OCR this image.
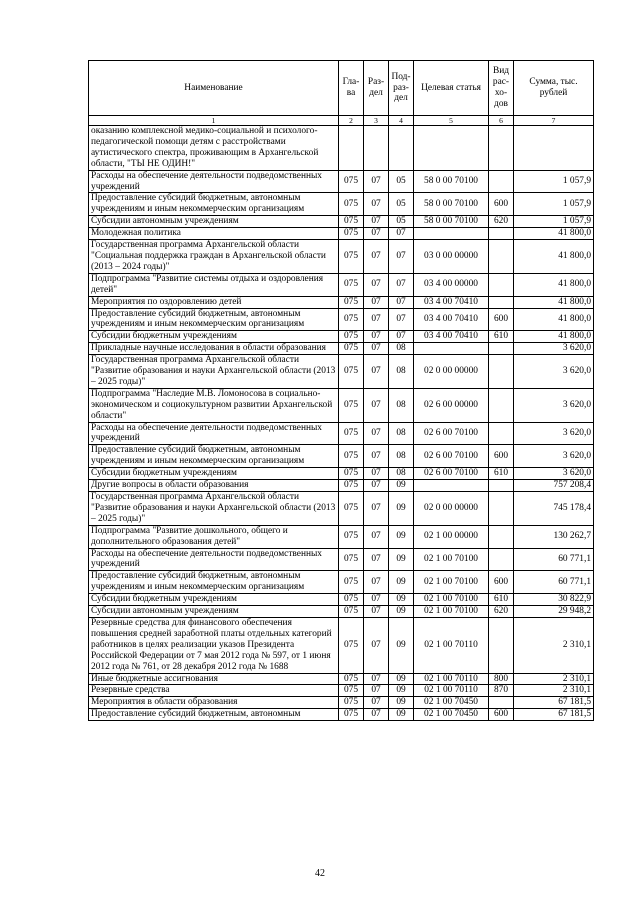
Наименование	Гла-ва	Раз-дел	Под-раз-дел	Целевая статья	Вид рас-хо-дов	Сумма, тыс. рублей
1	2	3	4	5	6	7
оказанию комплексной медико-социальной и психолого-педагогической помощи детям с расстройствами аутистического спектра, проживающим в Архангельской области, "ТЫ НЕ ОДИН!"						
Расходы на обеспечение деятельности подведомственных учреждений	075	07	05	58 0 00 70100		1 057,9
Предоставление субсидий бюджетным, автономным учреждениям и иным некоммерческим организациям	075	07	05	58 0 00 70100	600	1 057,9
Субсидии автономным учреждениям	075	07	05	58 0 00 70100	620	1 057,9
Молодежная политика	075	07	07			41 800,0
Государственная программа Архангельской области "Социальная поддержка граждан в Архангельской области (2013 – 2024 годы)"	075	07	07	03 0 00 00000		41 800,0
Подпрограмма "Развитие системы отдыха и оздоровления детей"	075	07	07	03 4 00 00000		41 800,0
Мероприятия по оздоровлению детей	075	07	07	03 4 00 70410		41 800,0
Предоставление субсидий бюджетным, автономным учреждениям и иным некоммерческим организациям	075	07	07	03 4 00 70410	600	41 800,0
Субсидии бюджетным учреждениям	075	07	07	03 4 00 70410	610	41 800,0
Прикладные научные исследования в области образования	075	07	08			3 620,0
Государственная программа Архангельской области "Развитие образования и науки Архангельской области (2013 – 2025 годы)"	075	07	08	02 0 00 00000		3 620,0
Подпрограмма "Наследие М.В. Ломоносова в социально-экономическом и социокультурном развитии Архангельской области"	075	07	08	02 6 00 00000		3 620,0
Расходы на обеспечение деятельности подведомственных учреждений	075	07	08	02 6 00 70100		3 620,0
Предоставление субсидий бюджетным, автономным учреждениям и иным некоммерческим организациям	075	07	08	02 6 00 70100	600	3 620,0
Субсидии бюджетным учреждениям	075	07	08	02 6 00 70100	610	3 620,0
Другие вопросы в области образования	075	07	09			757 208,4
Государственная программа Архангельской области "Развитие образования и науки Архангельской области (2013 – 2025 годы)"	075	07	09	02 0 00 00000		745 178,4
Подпрограмма "Развитие дошкольного, общего и дополнительного образования детей"	075	07	09	02 1 00 00000		130 262,7
Расходы на обеспечение деятельности подведомственных учреждений	075	07	09	02 1 00 70100		60 771,1
Предоставление субсидий бюджетным, автономным учреждениям и иным некоммерческим организациям	075	07	09	02 1 00 70100	600	60 771,1
Субсидии бюджетным учреждениям	075	07	09	02 1 00 70100	610	30 822,9
Субсидии автономным учреждениям	075	07	09	02 1 00 70100	620	29 948,2
Резервные средства для финансового обеспечения повышения средней заработной платы отдельных категорий работников в целях реализации указов Президента Российской Федерации от 7 мая 2012 года № 597, от 1 июня 2012 года № 761, от 28 декабря 2012 года № 1688	075	07	09	02 1 00 70110		2 310,1
Иные бюджетные ассигнования	075	07	09	02 1 00 70110	800	2 310,1
Резервные средства	075	07	09	02 1 00 70110	870	2 310,1
Мероприятия в области образования	075	07	09	02 1 00 70450		67 181,5
Предоставление субсидий бюджетным, автономным	075	07	09	02 1 00 70450	600	67 181,5
42
